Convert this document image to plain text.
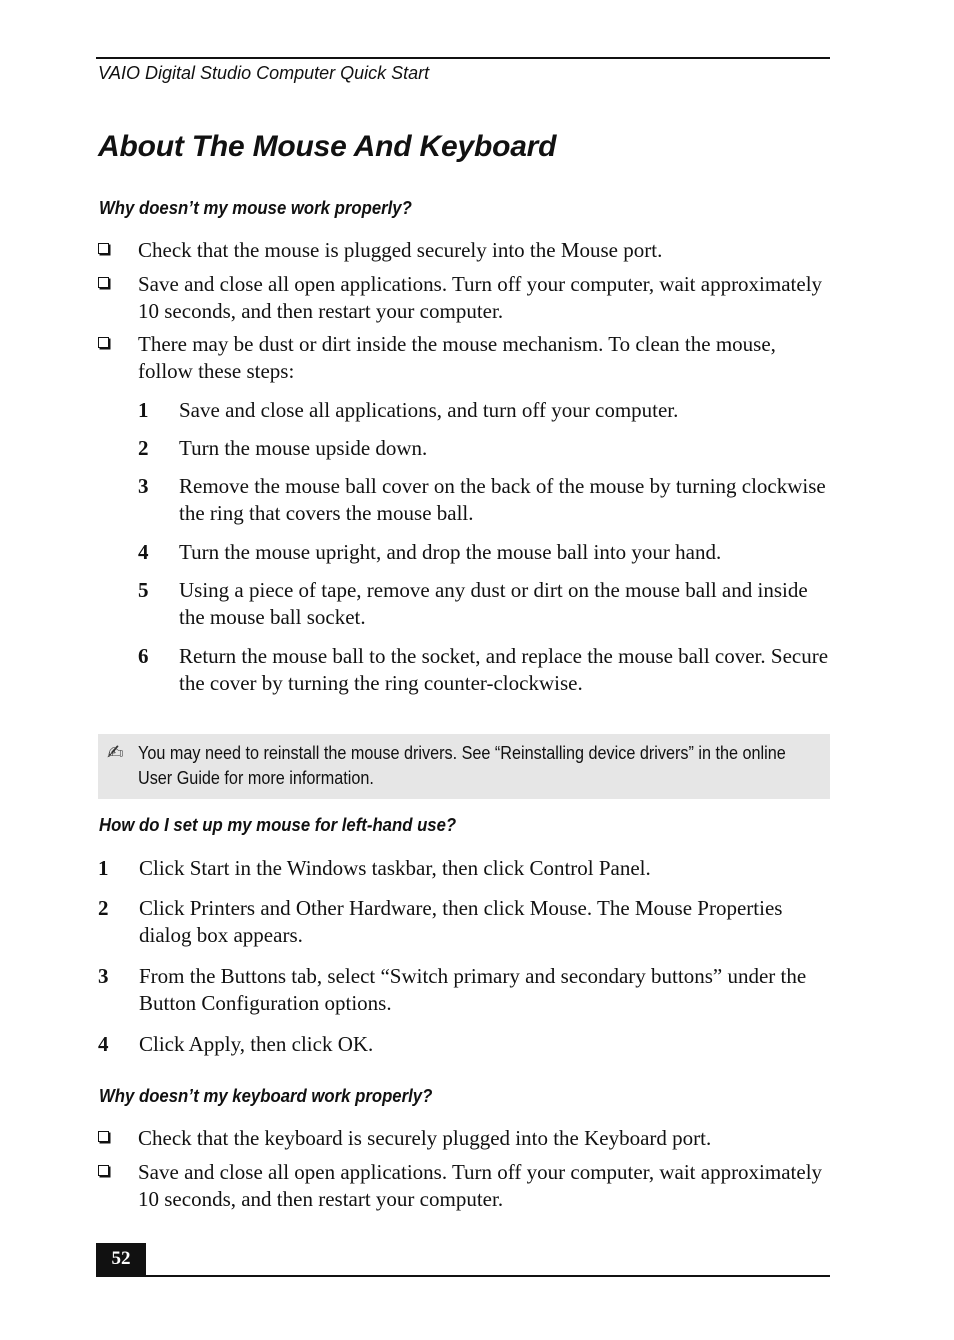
VAIO Digital Studio Computer Quick Start
About The Mouse And Keyboard
Why doesn’t my mouse work properly?
Check that the mouse is plugged securely into the Mouse port.
Save and close all open applications. Turn off your computer, wait approximately 10 seconds, and then restart your computer.
There may be dust or dirt inside the mouse mechanism. To clean the mouse, follow these steps:
1 Save and close all applications, and turn off your computer.
2 Turn the mouse upside down.
3 Remove the mouse ball cover on the back of the mouse by turning clockwise the ring that covers the mouse ball.
4 Turn the mouse upright, and drop the mouse ball into your hand.
5 Using a piece of tape, remove any dust or dirt on the mouse ball and inside the mouse ball socket.
6 Return the mouse ball to the socket, and replace the mouse ball cover. Secure the cover by turning the ring counter-clockwise.
✍ You may need to reinstall the mouse drivers. See “Reinstalling device drivers” in the online User Guide for more information.
How do I set up my mouse for left-hand use?
1 Click Start in the Windows taskbar, then click Control Panel.
2 Click Printers and Other Hardware, then click Mouse. The Mouse Properties dialog box appears.
3 From the Buttons tab, select “Switch primary and secondary buttons” under the Button Configuration options.
4 Click Apply, then click OK.
Why doesn’t my keyboard work properly?
Check that the keyboard is securely plugged into the Keyboard port.
Save and close all open applications. Turn off your computer, wait approximately 10 seconds, and then restart your computer.
52
